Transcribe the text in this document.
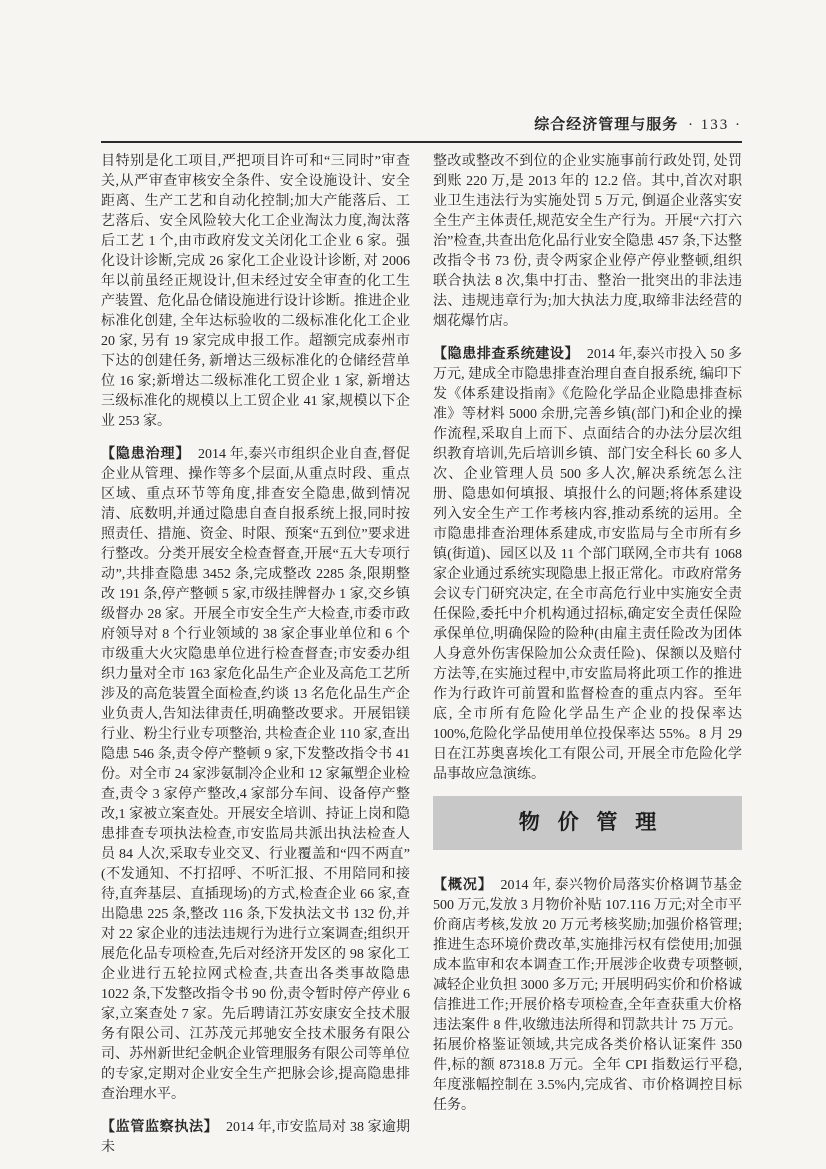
综合经济管理与服务 · 133 ·

目特别是化工项目,严把项目许可和“三同时”审查关,从严审查审核安全条件、安全设施设计、安全距离、生产工艺和自动化控制;加大产能落后、工艺落后、安全风险较大化工企业淘汰力度,淘汰落后工艺 1 个,由市政府发文关闭化工企业 6 家。强化设计诊断,完成 26 家化工企业设计诊断, 对 2006 年以前虽经正规设计,但未经过安全审查的化工生产装置、危化品仓储设施进行设计诊断。推进企业标准化创建, 全年达标验收的二级标准化化工企业 20 家, 另有 19 家完成申报工作。超额完成泰州市下达的创建任务, 新增达三级标准化的仓储经营单位 16 家;新增达二级标准化工贸企业 1 家, 新增达三级标准化的规模以上工贸企业 41 家,规模以下企业 253 家。

【隐患治理】 2014 年,泰兴市组织企业自查,督促企业从管理、操作等多个层面,从重点时段、重点区域、重点环节等角度,排查安全隐患,做到情况清、底数明,并通过隐患自查自报系统上报,同时按照责任、措施、资金、时限、预案“五到位”要求进行整改。分类开展安全检查督查,开展“五大专项行动”,共排查隐患 3452 条,完成整改 2285 条,限期整改 191 条,停产整顿 5 家,市级挂牌督办 1 家,交乡镇级督办 28 家。开展全市安全生产大检查,市委市政府领导对 8 个行业领域的 38 家企事业单位和 6 个市级重大火灾隐患单位进行检查督查;市安委办组织力量对全市 163 家危化品生产企业及高危工艺所涉及的高危装置全面检查,约谈 13 名危化品生产企业负责人,告知法律责任,明确整改要求。开展铝镁行业、粉尘行业专项整治, 共检查企业 110 家,查出隐患 546 条,责令停产整顿 9 家,下发整改指令书 41 份。对全市 24 家涉氨制冷企业和 12 家氟塑企业检查,责令 3 家停产整改,4 家部分车间、设备停产整改,1 家被立案查处。开展安全培训、持证上岗和隐患排查专项执法检查,市安监局共派出执法检查人员 84 人次,采取专业交叉、行业覆盖和“四不两直”(不发通知、不打招呼、不听汇报、不用陪同和接待,直奔基层、直插现场)的方式,检查企业 66 家,查出隐患 225 条,整改 116 条,下发执法文书 132 份,并对 22 家企业的违法违规行为进行立案调查;组织开展危化品专项检查,先后对经济开发区的 98 家化工企业进行五轮拉网式检查,共查出各类事故隐患 1022 条,下发整改指令书 90 份,责令暂时停产停业 6 家,立案查处 7 家。先后聘请江苏安康安全技术服务有限公司、江苏茂元邦驰安全技术服务有限公司、苏州新世纪金帆企业管理服务有限公司等单位的专家,定期对企业安全生产把脉会诊,提高隐患排查治理水平。

【监管监察执法】 2014 年,市安监局对 38 家逾期未

整改或整改不到位的企业实施事前行政处罚, 处罚到账 220 万,是 2013 年的 12.2 倍。其中,首次对职业卫生违法行为实施处罚 5 万元, 倒逼企业落实安全生产主体责任,规范安全生产行为。开展“六打六治”检查,共查出危化品行业安全隐患 457 条,下达整改指令书 73 份, 责令两家企业停产停业整顿,组织联合执法 8 次,集中打击、整治一批突出的非法违法、违规违章行为;加大执法力度,取缔非法经营的烟花爆竹店。

【隐患排查系统建设】 2014 年,泰兴市投入 50 多万元, 建成全市隐患排查治理自查自报系统, 编印下发《体系建设指南》《危险化学品企业隐患排查标准》等材料 5000 余册,完善乡镇(部门)和企业的操作流程,采取自上而下、点面结合的办法分层次组织教育培训,先后培训乡镇、部门安全科长 60 多人次、企业管理人员 500 多人次,解决系统怎么注册、隐患如何填报、填报什么的问题;将体系建设列入安全生产工作考核内容,推动系统的运用。全市隐患排查治理体系建成,市安监局与全市所有乡镇(街道)、园区以及 11 个部门联网,全市共有 1068 家企业通过系统实现隐患上报正常化。市政府常务会议专门研究决定, 在全市高危行业中实施安全责任保险,委托中介机构通过招标,确定安全责任保险承保单位,明确保险的险种(由雇主责任险改为团体人身意外伤害保险加公众责任险)、保额以及赔付方法等,在实施过程中,市安监局将此项工作的推进作为行政许可前置和监督检查的重点内容。至年底, 全市所有危险化学品生产企业的投保率达 100%,危险化学品使用单位投保率达 55%。8 月 29 日在江苏奥喜埃化工有限公司, 开展全市危险化学品事故应急演练。

物 价 管 理

【概况】 2014 年, 泰兴物价局落实价格调节基金 500 万元,发放 3 月物价补贴 107.116 万元;对全市平价商店考核,发放 20 万元考核奖励;加强价格管理;推进生态环境价费改革,实施排污权有偿使用;加强成本监审和农本调查工作;开展涉企收费专项整顿,减轻企业负担 3000 多万元; 开展明码实价和价格诚信推进工作;开展价格专项检查,全年查获重大价格违法案件 8 件,收缴违法所得和罚款共计 75 万元。拓展价格鉴证领域,共完成各类价格认证案件 350 件,标的额 87318.8 万元。全年 CPI 指数运行平稳,年度涨幅控制在 3.5%内,完成省、市价格调控目标任务。
